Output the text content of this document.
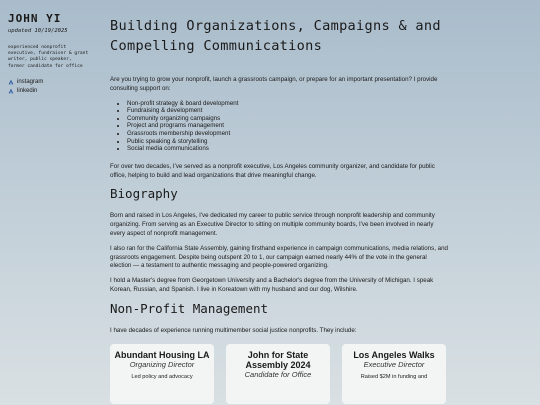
JOHN YI
updated 10/19/2025
experienced nonprofit
executive, fundraiser & grant
writer, public speaker,
former candidate for office
instagram
linkedin
Building Organizations, Campaigns & and
Compelling Communications

Are you trying to grow your nonprofit, launch a grassroots campaign, or prepare for an important presentation? I provide consulting support on:

• Non-profit strategy & board development
• Fundraising & development
• Community organizing campaigns
• Project and programs management
• Grassroots membership development
• Public speaking & storytelling
• Social media communications

For over two decades, I've served as a nonprofit executive, Los Angeles community organizer, and candidate for public office, helping to build and lead organizations that drive meaningful change.

Biography

Born and raised in Los Angeles, I've dedicated my career to public service through nonprofit leadership and community organizing. From serving as an Executive Director to sitting on multiple community boards, I've been involved in nearly every aspect of nonprofit management.

I also ran for the California State Assembly, gaining firsthand experience in campaign communications, media relations, and grassroots engagement. Despite being outspent 20 to 1, our campaign earned nearly 44% of the vote in the general election — a testament to authentic messaging and people-powered organizing.

I hold a Master's degree from Georgetown University and a Bachelor's degree from the University of Michigan. I speak Korean, Russian, and Spanish. I live in Koreatown with my husband and our dog, Wilshire.

Non-Profit Management

I have decades of experience running multimember social justice nonprofits. They include:

Abundant Housing LA
Organizing Director
Led policy and advocacy
John for State Assembly 2024
Candidate for Office
Los Angeles Walks
Executive Director
Raised $2M in funding and
